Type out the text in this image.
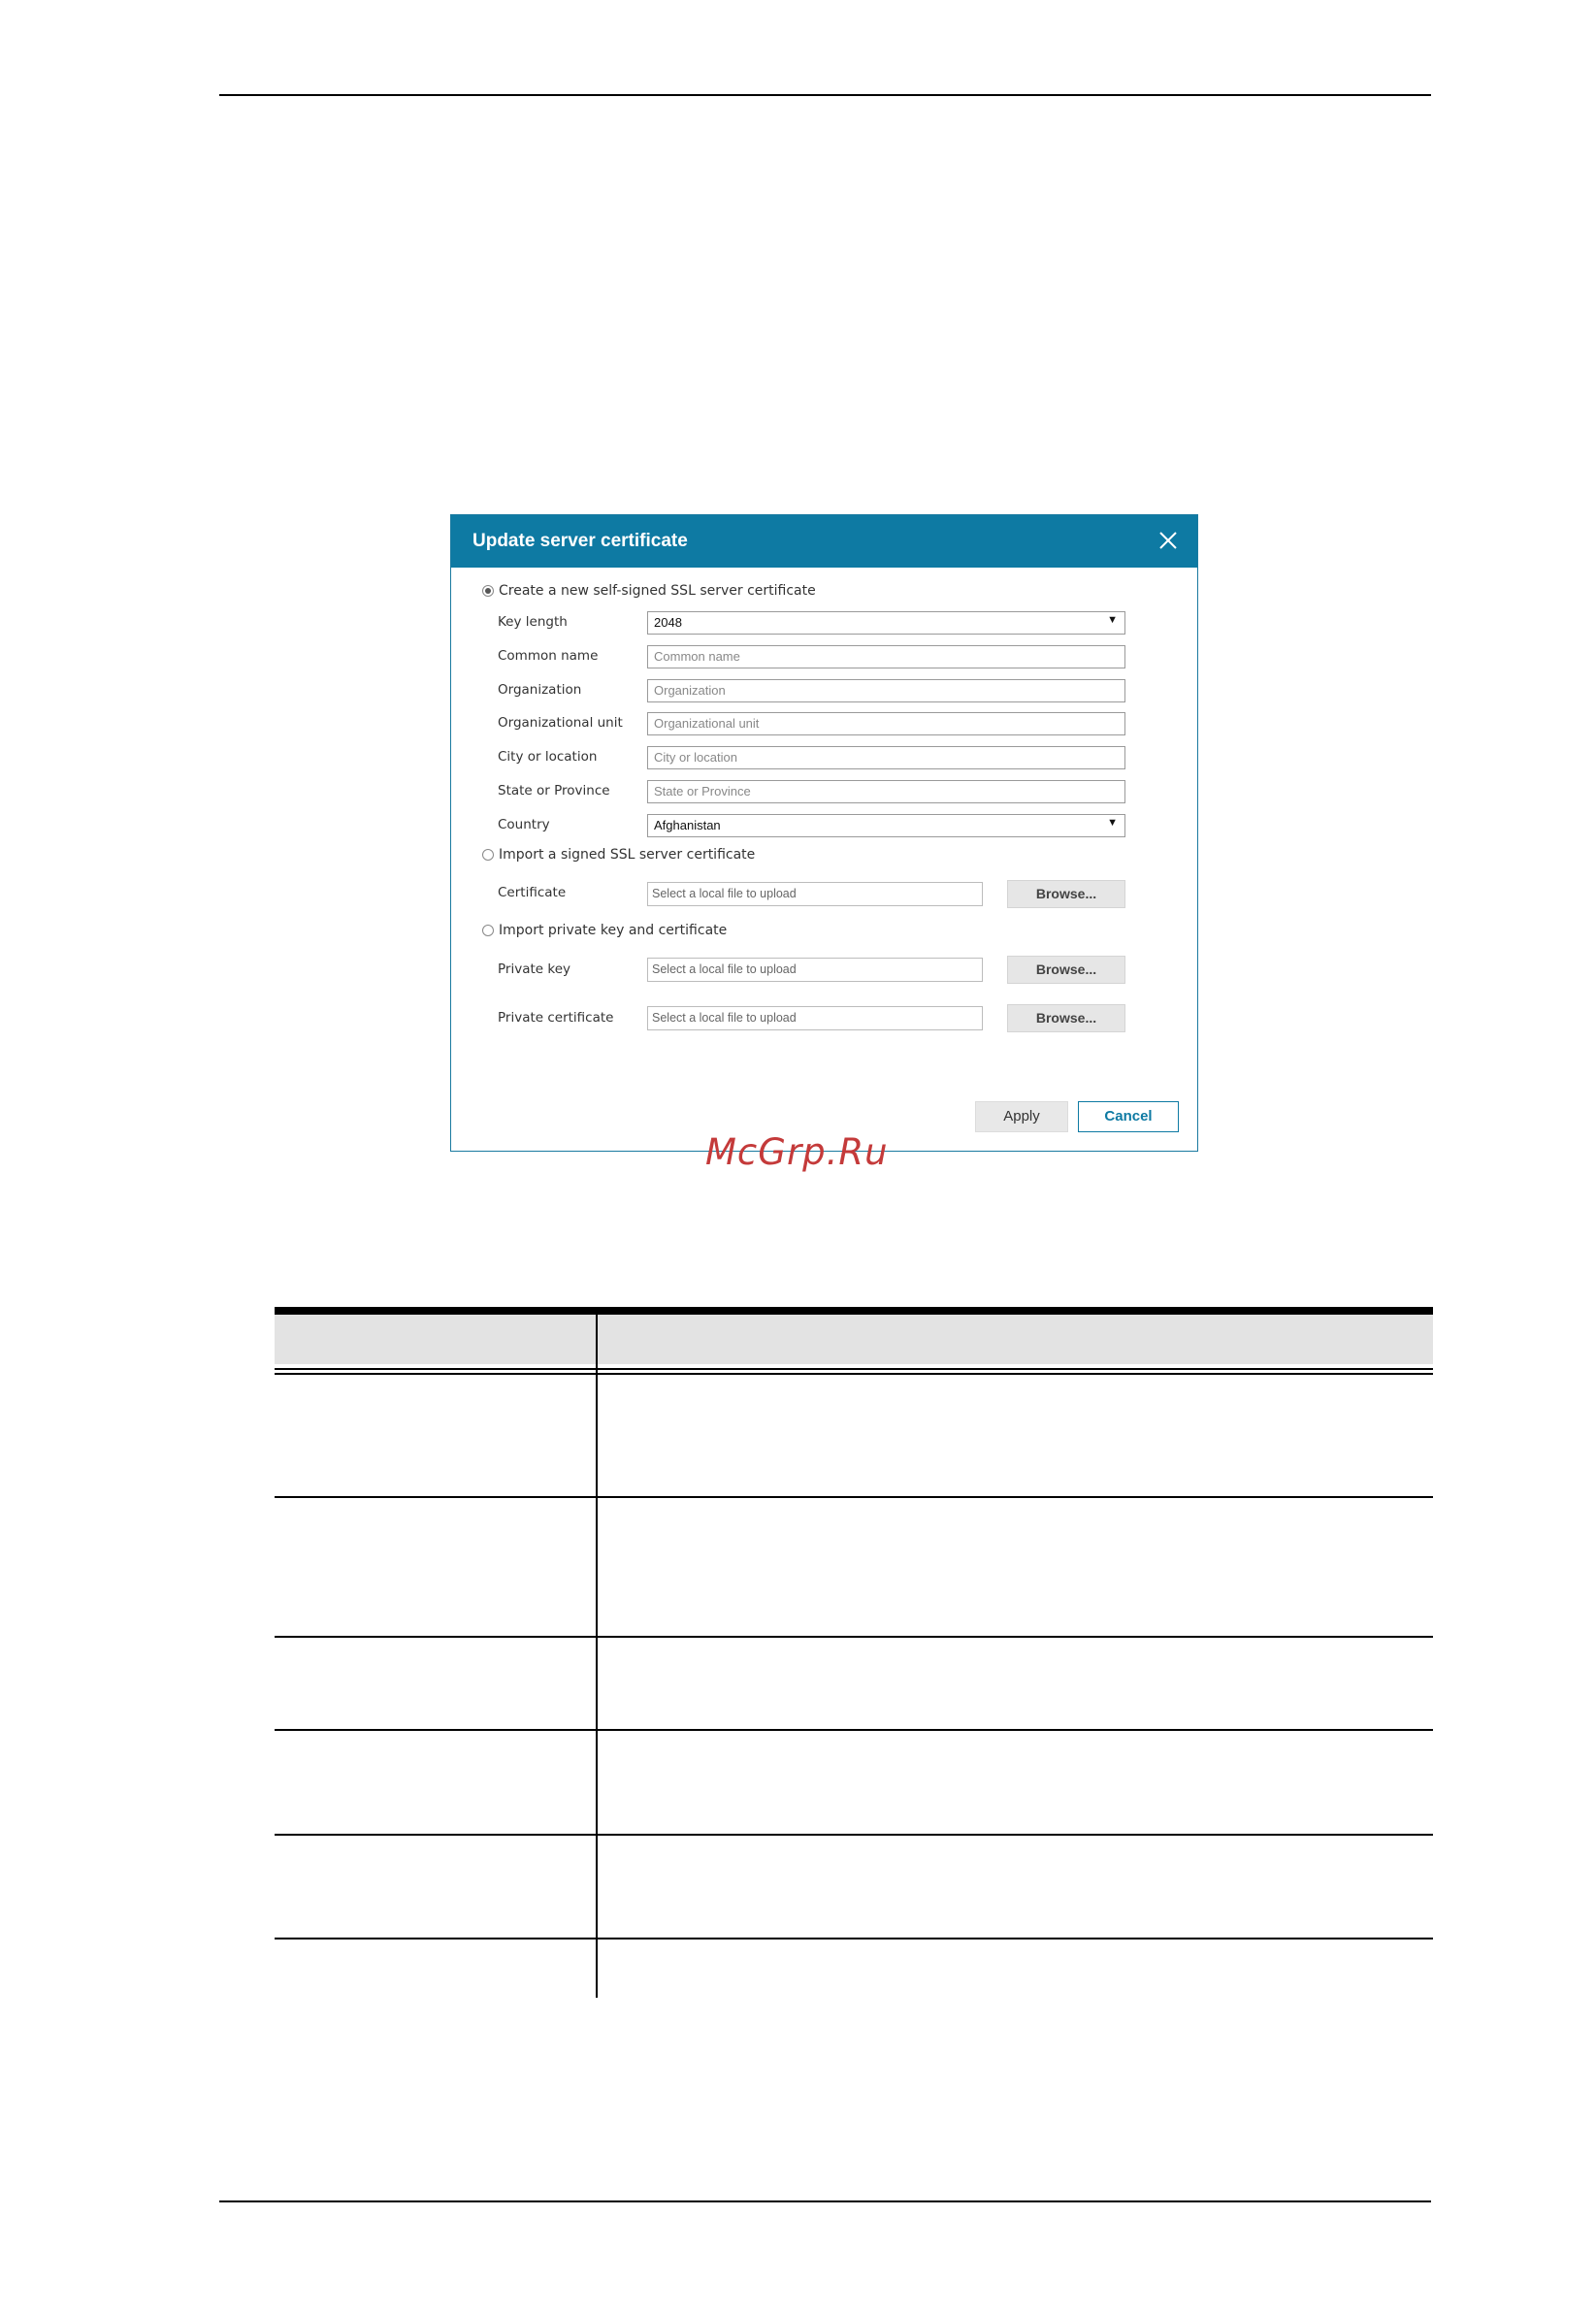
Update server certificate
Create a new self-signed SSL server certificate
Key length	2048	▼
Common name	Common name
Organization	Organization
Organizational unit	Organizational unit
City or location	City or location
State or Province	State or Province
Country	Afghanistan	▼
Import a signed SSL server certificate
Certificate	Select a local file to upload	Browse...
Import private key and certificate
Private key	Select a local file to upload	Browse...
Private certificate	Select a local file to upload	Browse...
Apply	Cancel
McGrp.Ru
